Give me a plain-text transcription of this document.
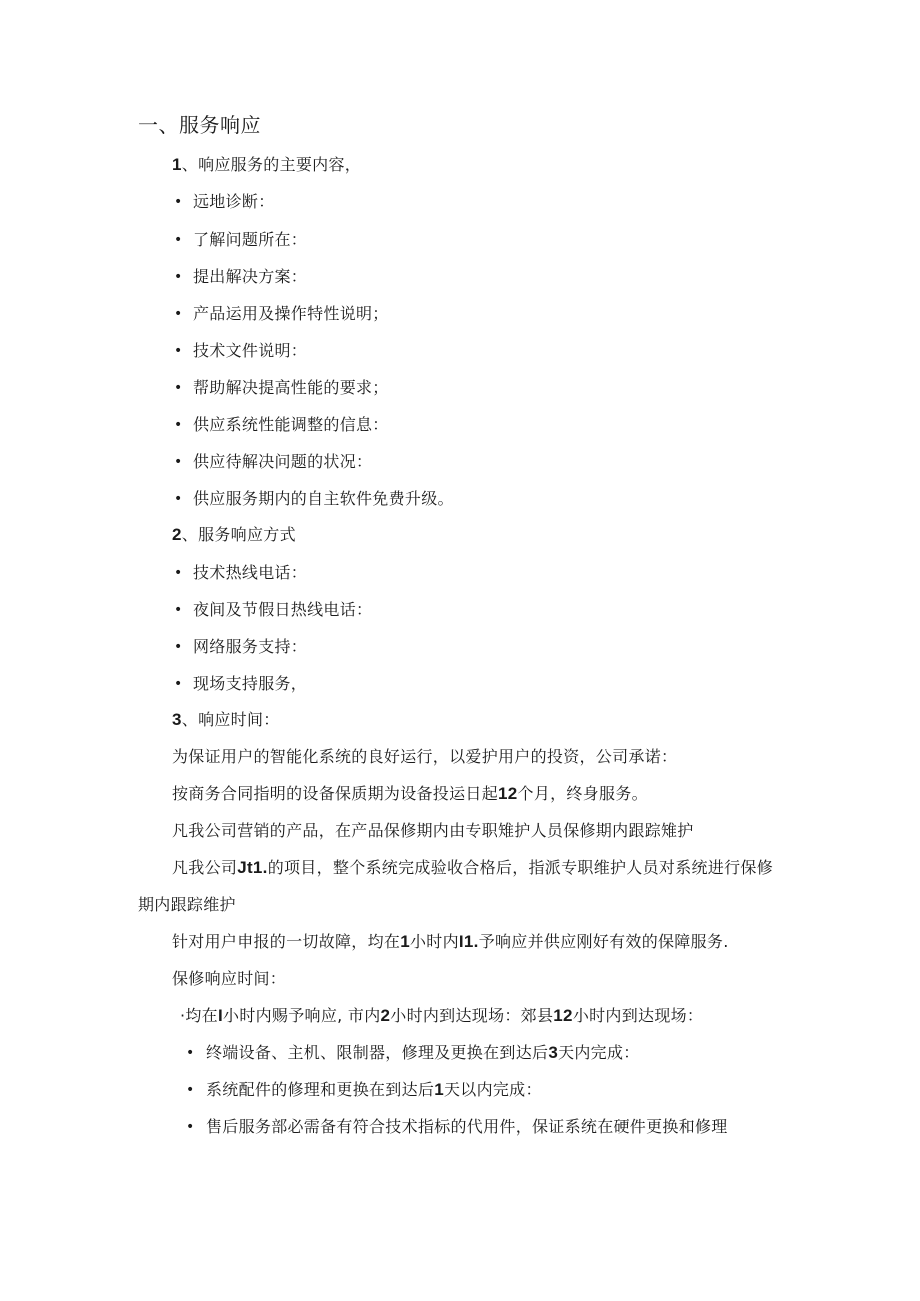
一、服务响应
1、响应服务的主要内容，
• 远地诊断：
• 了解问题所在：
• 提出解决方案：
• 产品运用及操作特性说明；
• 技术文件说明：
• 帮助解决提高性能的要求；
• 供应系统性能调整的信息：
• 供应待解决问题的状况：
• 供应服务期内的自主软件免费升级。
2、服务响应方式
• 技术热线电话：
• 夜间及节假日热线电话：
• 网络服务支持：
• 现场支持服务，
3、响应时间：
为保证用户的智能化系统的良好运行，以爱护用户的投资，公司承诺：
按商务合同指明的设备保质期为设备投运日起12个月，终身服务。
凡我公司营销的产品，在产品保修期内由专职雉护人员保修期内跟踪雉护
凡我公司Jt1.的项目，整个系统完成验收合格后，指派专职维护人员对系统进行保修
期内跟踪维护
针对用户申报的一切故障，均在1小时内I1.予响应并供应刚好有效的保障服务.
保修响应时间：
·均在I小时内赐予响应, 市内2小时内到达现场：郊县12小时内到达现场：
• 终端设备、主机、限制器，修理及更换在到达后3天内完成：
• 系统配件的修理和更换在到达后1天以内完成：
• 售后服务部必需备有符合技术指标的代用件，保证系统在硬件更换和修理
